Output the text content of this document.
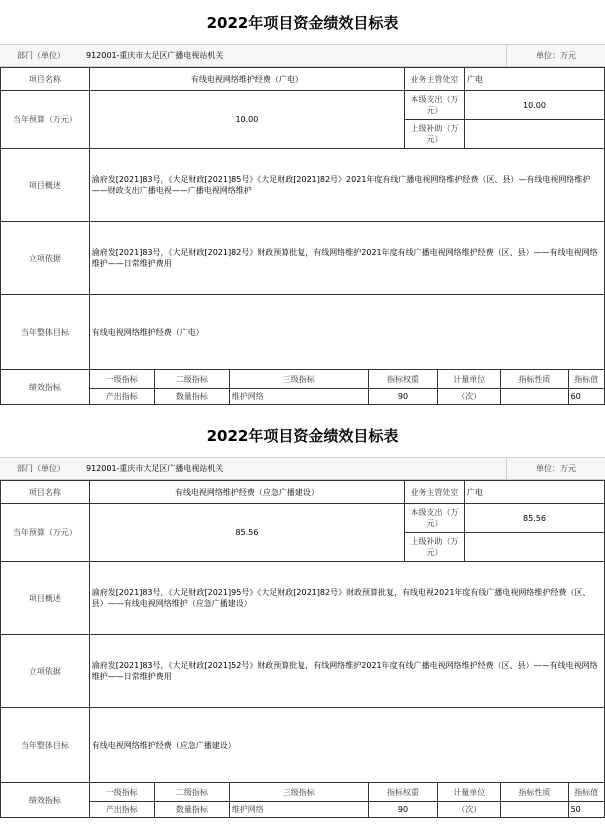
2022年项目资金绩效目标表
部门（单位）	912001-重庆市大足区广播电视站机关	单位：万元
项目名称	有线电视网络维护经费（广电）				业务主管处室		广电		
当年预算（万元）	10.00				本级支出（万元）		10.00		
					上级补助（万元）				
项目概述	渝府发[2021]83号，《大足财政[2021]85号》《大足财政[2021]82号》2021年度有线广播电视网络维护经费（区、县）—有线电视网络维护——财政支出广播电视——广播电视网络维护								
立项依据	渝府发[2021]83号，《大足财政[2021]82号》财政预算批复，有线网络维护2021年度有线广播电视网络维护经费（区、县）——有线电视网络维护——日常维护费用								
当年整体目标	有线电视网络维护经费（广电）								
绩效指标	一级指标	二级指标	三级指标	指标权重		计量单位		指标性质	指标值
	产出指标	数量指标	维护网络	90		（次）			60
2022年项目资金绩效目标表
部门（单位）	912001-重庆市大足区广播电视站机关	单位：万元
项目名称	有线电视网络维护经费（应急广播建设）				业务主管处室		广电		
当年预算（万元）	85.56				本级支出（万元）		85.56		
					上级补助（万元）				
项目概述	渝府发[2021]83号，《大足财政[2021]95号》《大足财政[2021]82号》财政预算批复，有线电视2021年度有线广播电视网络维护经费（区、县）——有线电视网络维护（应急广播建设）								
立项依据	渝府发[2021]83号，《大足财政[2021]52号》财政预算批复，有线网络维护2021年度有线广播电视网络维护经费（区、县）——有线电视网络维护——日常维护费用								
当年整体目标	有线电视网络维护经费（应急广播建设）								
绩效指标	一级指标	二级指标	三级指标	指标权重		计量单位		指标性质	指标值
	产出指标	数量指标	维护网络	90		（次）			50
